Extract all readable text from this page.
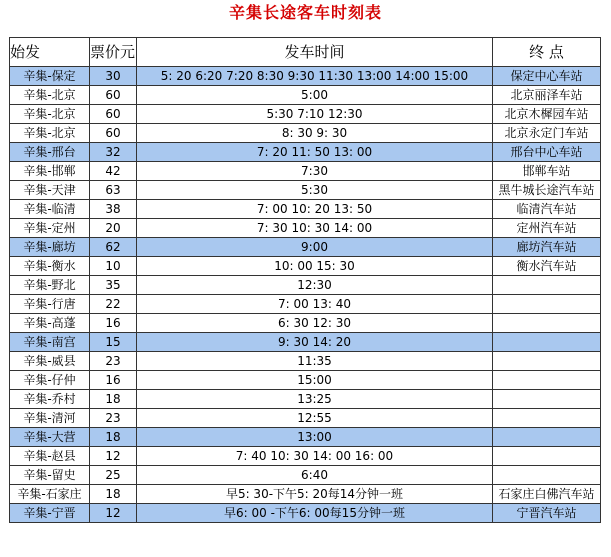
辛集长途客车时刻表
始发	票价元	发车时间	终 点
辛集-保定	30	5: 20 6:20 7:20 8:30 9:30 11:30 13:00 14:00 15:00	保定中心车站
辛集-北京	60	5:00	北京丽泽车站
辛集-北京	60	5:30 7:10 12:30	北京木樨园车站
辛集-北京	60	8: 30 9: 30	北京永定门车站
辛集-邢台	32	7: 20 11: 50 13: 00	邢台中心车站
辛集-邯郸	42	7:30	邯郸车站
辛集-天津	63	5:30	黑牛城长途汽车站
辛集-临清	38	7: 00 10: 20 13: 50	临清汽车站
辛集-定州	20	7: 30 10: 30 14: 00	定州汽车站
辛集-廊坊	62	9:00	廊坊汽车站
辛集-衡水	10	10: 00 15: 30	衡水汽车站
辛集-野北	35	12:30	
辛集-行唐	22	7: 00 13: 40	
辛集-高蓬	16	6: 30 12: 30	
辛集-南宫	15	9: 30 14: 20	
辛集-威县	23	11:35	
辛集-仔仲	16	15:00	
辛集-乔村	18	13:25	
辛集-清河	23	12:55	
辛集-大营	18	13:00	
辛集-赵县	12	7: 40 10: 30 14: 00 16: 00	
辛集-留史	25	6:40	
辛集-石家庄	18	早5: 30-下午5: 20每14分钟一班	石家庄白佛汽车站
辛集-宁晋	12	早6: 00 -下午6: 00每15分钟一班	宁晋汽车站
